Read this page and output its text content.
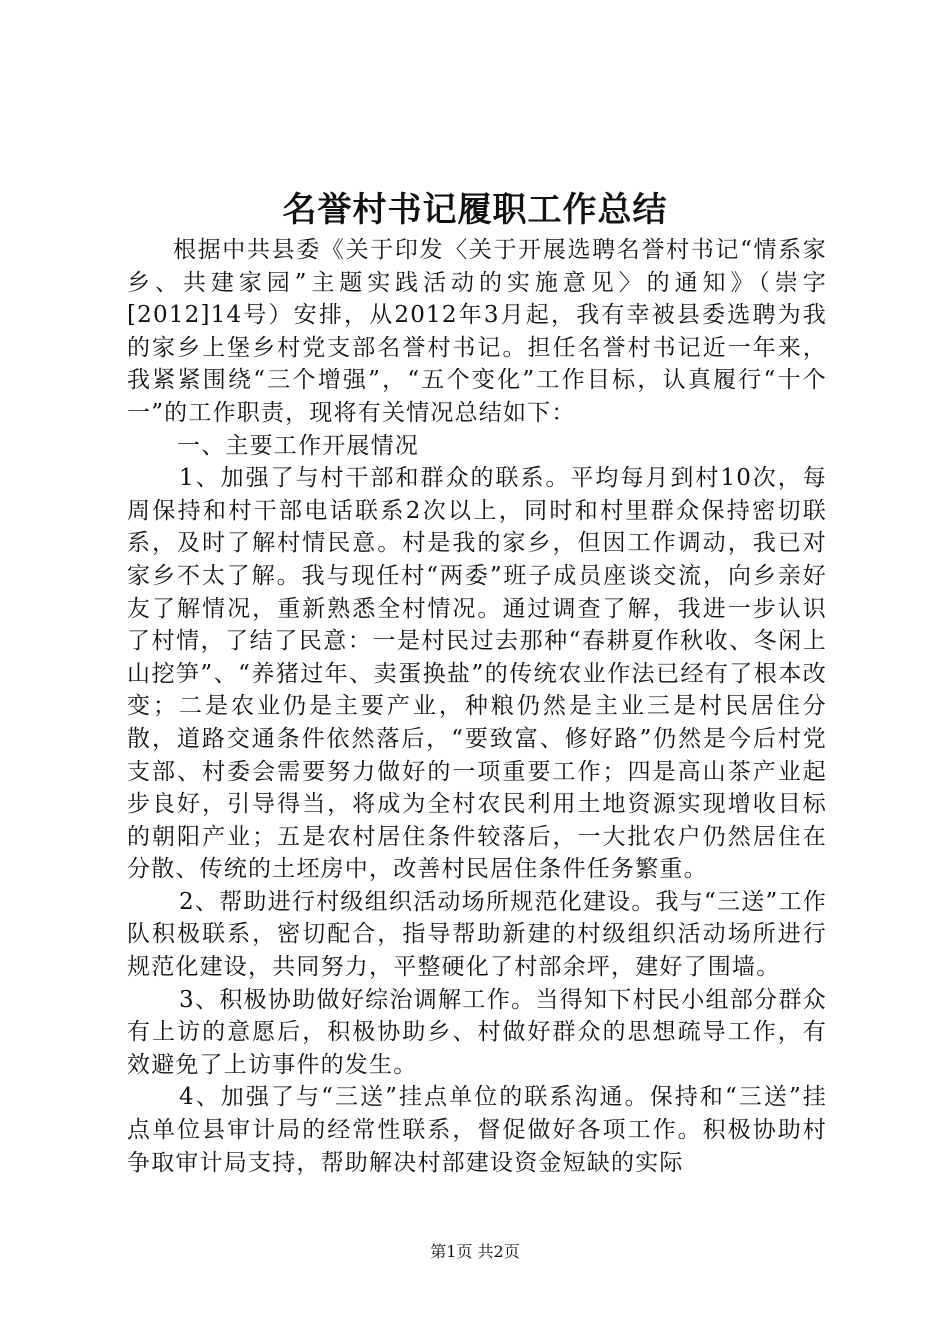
名誉村书记履职工作总结

根据中共县委《关于印发〈关于开展选聘名誉村书记“情系家乡、共建家园”主题实践活动的实施意见〉的通知》（崇字[2012]14号）安排，从2012年3月起，我有幸被县委选聘为我的家乡上堡乡村党支部名誉村书记。担任名誉村书记近一年来，我紧紧围绕“三个增强”，“五个变化”工作目标，认真履行“十个一”的工作职责，现将有关情况总结如下：

一、主要工作开展情况

1、加强了与村干部和群众的联系。平均每月到村10次，每周保持和村干部电话联系2次以上，同时和村里群众保持密切联系，及时了解村情民意。村是我的家乡，但因工作调动，我已对家乡不太了解。我与现任村“两委”班子成员座谈交流，向乡亲好友了解情况，重新熟悉全村情况。通过调查了解，我进一步认识了村情，了结了民意：一是村民过去那种“春耕夏作秋收、冬闲上山挖笋”、“养猪过年、卖蛋换盐”的传统农业作法已经有了根本改变；二是农业仍是主要产业，种粮仍然是主业三是村民居住分散，道路交通条件依然落后，“要致富、修好路”仍然是今后村党支部、村委会需要努力做好的一项重要工作；四是高山茶产业起步良好，引导得当，将成为全村农民利用土地资源实现增收目标的朝阳产业；五是农村居住条件较落后，一大批农户仍然居住在分散、传统的土坯房中，改善村民居住条件任务繁重。

2、帮助进行村级组织活动场所规范化建设。我与“三送”工作队积极联系，密切配合，指导帮助新建的村级组织活动场所进行规范化建设，共同努力，平整硬化了村部余坪，建好了围墙。

3、积极协助做好综治调解工作。当得知下村民小组部分群众有上访的意愿后，积极协助乡、村做好群众的思想疏导工作，有效避免了上访事件的发生。

4、加强了与“三送”挂点单位的联系沟通。保持和“三送”挂点单位县审计局的经常性联系，督促做好各项工作。积极协助村争取审计局支持，帮助解决村部建设资金短缺的实际

第1页 共2页
